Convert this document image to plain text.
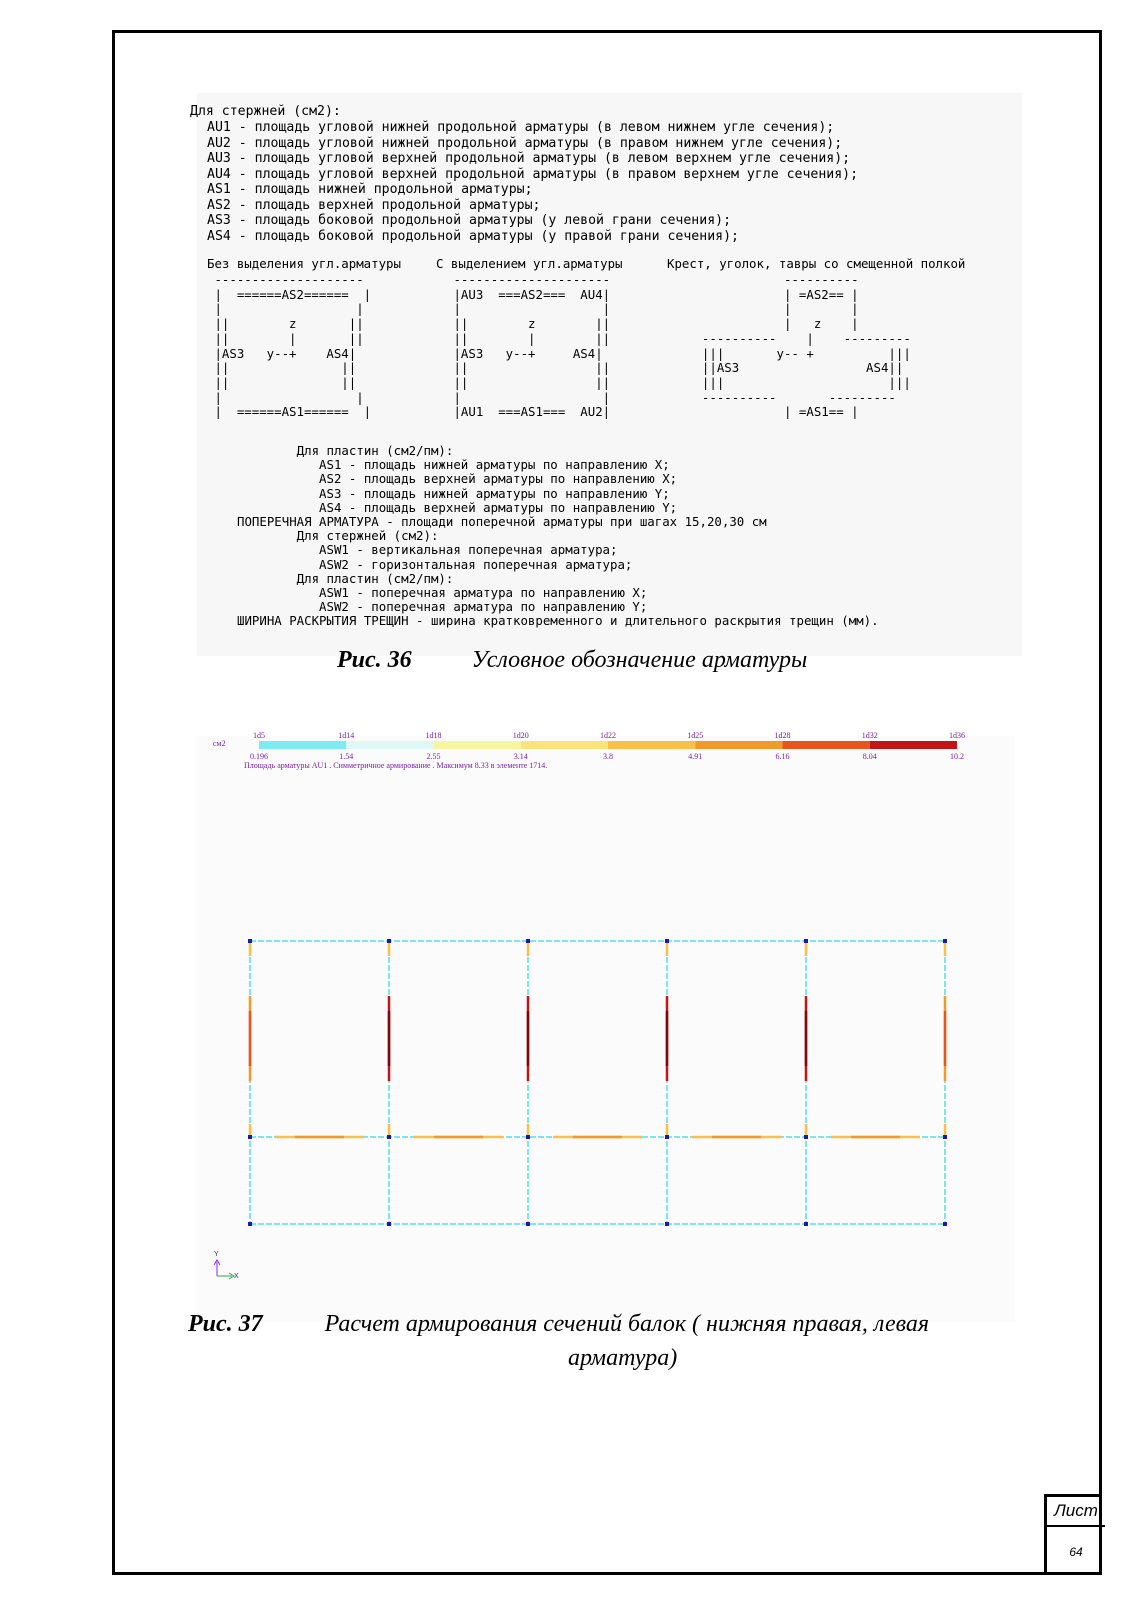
Для стержней (см2):
AU1 - площадь угловой нижней продольной арматуры (в левом нижнем угле сечения);
AU2 - площадь угловой нижней продольной арматуры (в правом нижнем угле сечения);
AU3 - площадь угловой верхней продольной арматуры (в левом верхнем угле сечения);
AU4 - площадь угловой верхней продольной арматуры (в правом верхнем угле сечения);
AS1 - площадь нижней продольной арматуры;
AS2 - площадь верхней продольной арматуры;
AS3 - площадь боковой продольной арматуры (у левой грани сечения);
AS4 - площадь боковой продольной арматуры (у правой грани сечения);
Без выделения угл.арматуры	С выделением угл.арматуры	Крест, уголок, тавры со смещенной полкой
--------------------
|  ======AS2======  |
|                  |
||        z       ||
||        |       ||
|AS3   y--+    AS4|
||               ||
||               ||
|                  |
|  ======AS1======  |
---------------------
|AU3  ===AS2===  AU4|
|                   |
||        z        ||
||        |        ||
|AS3   y--+     AS4|
||                 ||
||                 ||
|                   |
|AU1  ===AS1===  AU2|
----------
| =AS2== |
|        |
|   z    |
----------    |    ---------
|||       y-- +          |||
||AS3                 AS4||
|||                      |||
----------       ---------
| =AS1== |
Для пластин (см2/пм):
AS1 - площадь нижней арматуры по направлению X;
AS2 - площадь верхней арматуры по направлению X;
AS3 - площадь нижней арматуры по направлению Y;
AS4 - площадь верхней арматуры по направлению Y;
ПОПЕРЕЧНАЯ АРМАТУРА - площади поперечной арматуры при шагах 15,20,30 см
Для стержней (см2):
ASW1 - вертикальная поперечная арматура;
ASW2 - горизонтальная поперечная арматура;
Для пластин (см2/пм):
ASW1 - поперечная арматура по направлению X;
ASW2 - поперечная арматура по направлению Y;
ШИРИНА РАСКРЫТИЯ ТРЕЩИН - ширина кратковременного и длительного раскрытия трещин (мм).
Рис. 36	Условное обозначение арматуры
см2
1d5
0.196
1d14
1.54
1d18
2.55
1d20
3.14
1d22
3.8
1d25
4.91
1d28
6.16
1d32
8.04
1d36
10.2
Площадь арматуры AU1 . Симметричное армирование . Максимум 8.33 в элементе 1714.
Y
X
Рис. 37	Расчет армирования сечений балок ( нижняя правая, левая
арматура)
Лист
64
